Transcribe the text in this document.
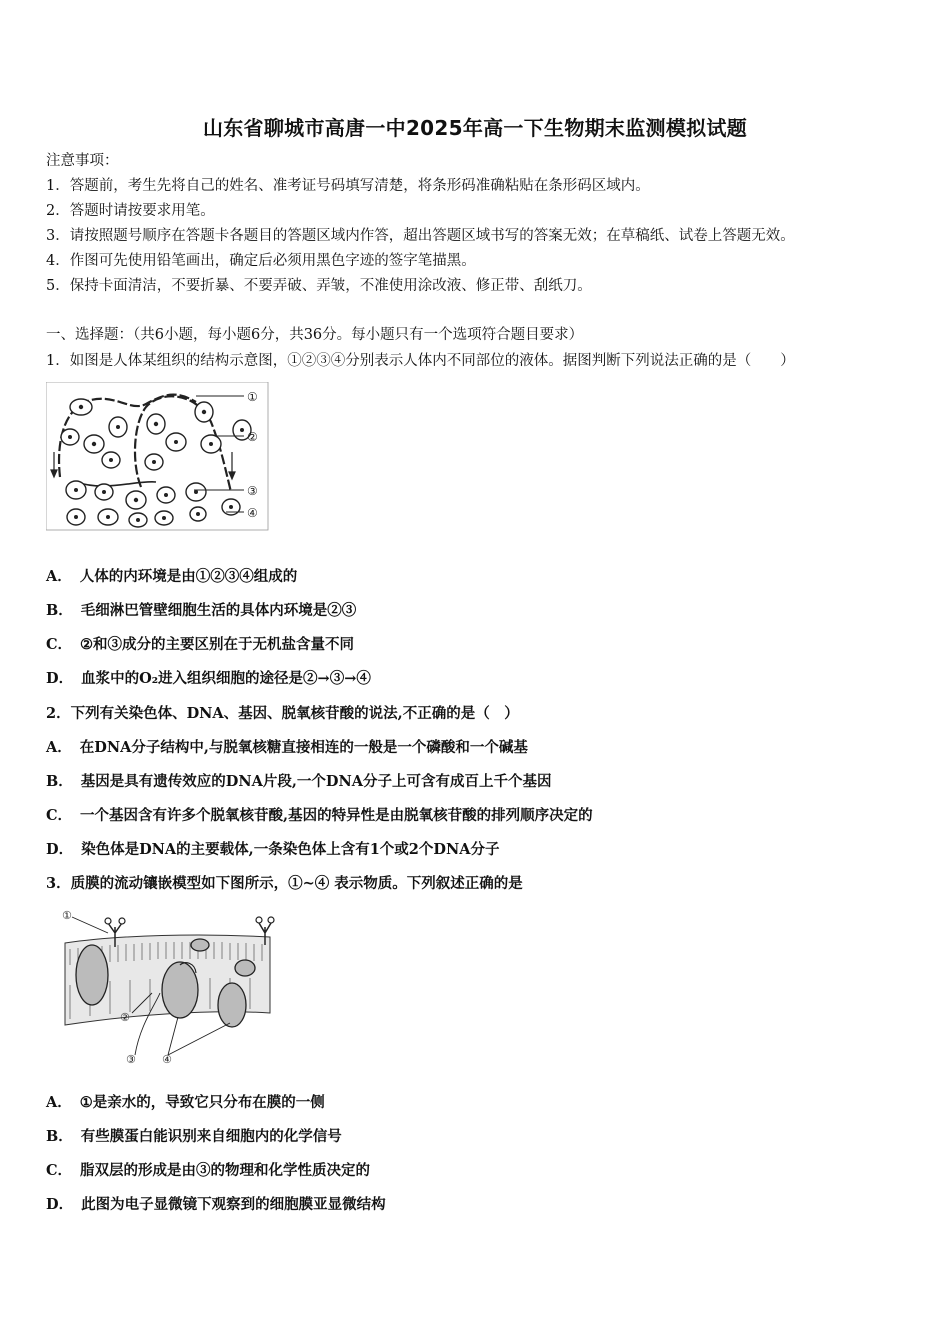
山东省聊城市高唐一中2025年高一下生物期末监测模拟试题
注意事项：
1．答题前，考生先将自己的姓名、准考证号码填写清楚，将条形码准确粘贴在条形码区域内。
2．答题时请按要求用笔。
3．请按照题号顺序在答题卡各题目的答题区域内作答，超出答题区域书写的答案无效；在草稿纸、试卷上答题无效。
4．作图可先使用铅笔画出，确定后必须用黑色字迹的签字笔描黑。
5．保持卡面清洁，不要折暴、不要弄破、弄皱，不准使用涂改液、修正带、刮纸刀。
一、选择题：（共6小题，每小题6分，共36分。每小题只有一个选项符合题目要求）
1．如图是人体某组织的结构示意图，①②③④分别表示人体内不同部位的液体。据图判断下列说法正确的是（　　）
①
②
③
④
A． 人体的内环境是由①②③④组成的
B． 毛细淋巴管壁细胞生活的具体内环境是②③
C． ②和③成分的主要区别在于无机盐含量不同
D． 血浆中的O₂进入组织细胞的途径是②→③→④
2．下列有关染色体、DNA、基因、脱氧核苷酸的说法,不正确的是（　）
A． 在DNA分子结构中,与脱氧核糖直接相连的一般是一个磷酸和一个碱基
B． 基因是具有遗传效应的DNA片段,一个DNA分子上可含有成百上千个基因
C． 一个基因含有许多个脱氧核苷酸,基因的特异性是由脱氧核苷酸的排列顺序决定的
D． 染色体是DNA的主要载体,一条染色体上含有1个或2个DNA分子
3．质膜的流动镶嵌模型如下图所示，①~④ 表示物质。下列叙述正确的是
①
②
③ ④
A． ①是亲水的，导致它只分布在膜的一侧
B． 有些膜蛋白能识别来自细胞内的化学信号
C． 脂双层的形成是由③的物理和化学性质决定的
D． 此图为电子显微镜下观察到的细胞膜亚显微结构
